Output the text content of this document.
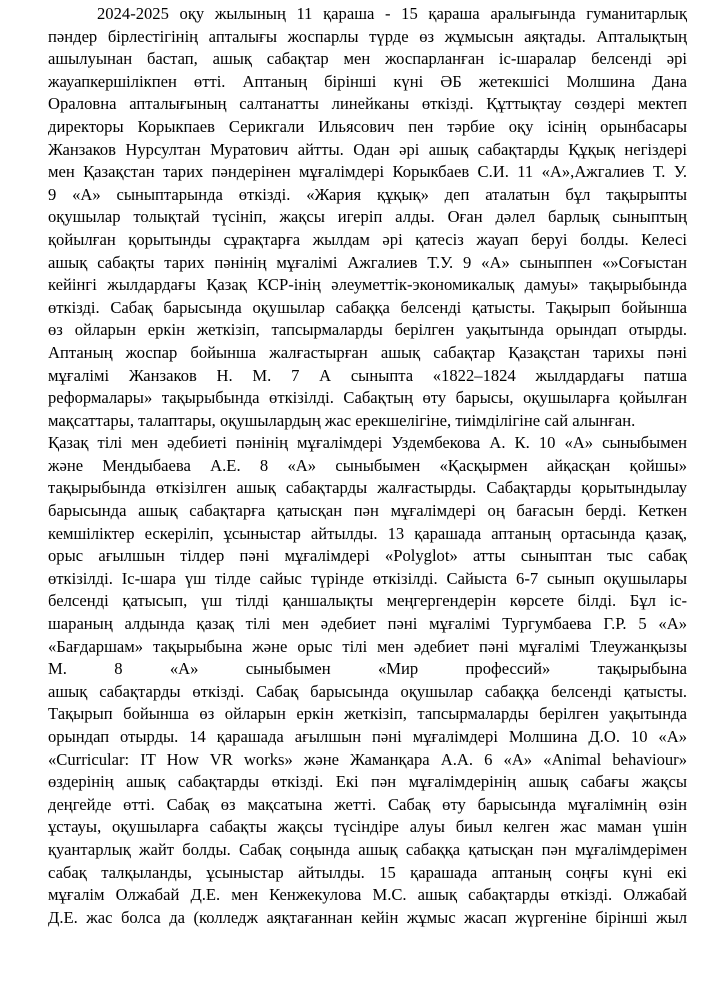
2024-2025 оқу жылының 11 қараша - 15 қараша аралығында гуманитарлық
пәндер бірлестігінің апталығы жоспарлы түрде өз жұмысын аяқтады. Апталықтың
ашылуынан бастап, ашық сабақтар мен жоспарланған іс-шаралар белсенді әрі
жауапкершілікпен өтті. Аптаның бірінші күні ӘБ жетекшісі Молшина Дана
Ораловна апталығының салтанатты линейканы өткізді. Құттықтау сөздері мектеп
директоры Корыкпаев Серикгали Ильясович пен тәрбие оқу ісінің орынбасары
Жанзаков Нурсултан Муратович айтты. Одан әрі ашық сабақтарды Құқық негіздері
мен Қазақстан тарих пәндерінен мұғалімдері Корыкбаев С.И. 11 «А»,Ажгалиев Т. У.
9 «А» сыныптарында өткізді. «Жария құқық» деп аталатын бұл тақырыпты
оқушылар толықтай түсініп, жақсы игеріп алды. Оған дәлел барлық сыныптың
қойылған қорытынды сұрақтарға жылдам әрі қатесіз жауап беруі болды. Келесі
ашық сабақты тарих пәнінің мұғалімі Ажгалиев Т.У. 9 «А» сыныппен «»Соғыстан
кейінгі жылдардағы Қазақ КСР-інің әлеуметтік-экономикалық дамуы» тақырыбында
өткізді. Сабақ барысында оқушылар сабаққа белсенді қатысты. Тақырып бойынша
өз ойларын еркін жеткізіп, тапсырмаларды берілген уақытында орындап отырды.
Аптаның жоспар бойынша жалғастырған ашық сабақтар Қазақстан тарихы пәні
мұғалімі Жанзаков Н. М. 7 А сыныпта «1822–1824 жылдардағы патша
реформалары» тақырыбында өткізілді. Сабақтың өту барысы, оқушыларға қойылған
мақсаттары, талаптары, оқушылардың жас ерекшелігіне, тиімділігіне сай алынған.
Қазақ тілі мен әдебиеті пәнінің мұғалімдері Уздембекова А. К. 10 «А» сыныбымен
және Мендыбаева А.Е. 8 «А» сыныбымен «Қасқырмен айқасқан қойшы»
тақырыбында өткізілген ашық сабақтарды жалғастырды. Сабақтарды қорытындылау
барысында ашық сабақтарға қатысқан пән мұғалімдері оң бағасын берді. Кеткен
кемшіліктер ескеріліп, ұсыныстар айтылды. 13 қарашада аптаның ортасында қазақ,
орыс ағылшын тілдер пәні мұғалімдері «Polyglot» атты сыныптан тыс сабақ
өткізілді. Іс-шара үш тілде сайыс түрінде өткізілді. Сайыста 6-7 сынып оқушылары
белсенді қатысып, үш тілді қаншалықты меңгергендерін көрсете білді. Бұл іс-
шараның алдында қазақ тілі мен әдебиет пәні мұғалімі Тургумбаева Г.Р. 5 «А»
«Бағдаршам» тақырыбына және орыс тілі мен әдебиет пәні мұғалімі Тлеужанқызы
М. 8 «А» сыныбымен «Мир профессий» тақырыбына
ашық сабақтарды өткізді. Сабақ барысында оқушылар сабаққа белсенді қатысты.
Тақырып бойынша өз ойларын еркін жеткізіп, тапсырмаларды берілген уақытында
орындап отырды. 14 қарашада ағылшын пәні мұғалімдері Молшина Д.О. 10 «А»
«Curricular: IT How VR works» және Жаманқара А.А. 6 «А» «Animal behaviour»
өздерінің ашық сабақтарды өткізді. Екі пән мұғалімдерінің ашық сабағы жақсы
деңгейде өтті. Сабақ өз мақсатына жетті. Сабақ өту барысында мұғалімнің өзін
ұстауы, оқушыларға сабақты жақсы түсіндіре алуы биыл келген жас маман үшін
қуантарлық жайт болды. Сабақ соңында ашық сабаққа қатысқан пән мұғалімдерімен
сабақ талқыланды, ұсыныстар айтылды. 15 қарашада аптаның соңғы күні екі
мұғалім Олжабай Д.Е. мен Кенжекулова М.С. ашық сабақтарды өткізді. Олжабай
Д.Е. жас болса да (колледж аяқтағаннан кейін жұмыс жасап жүргеніне бірінші жыл
